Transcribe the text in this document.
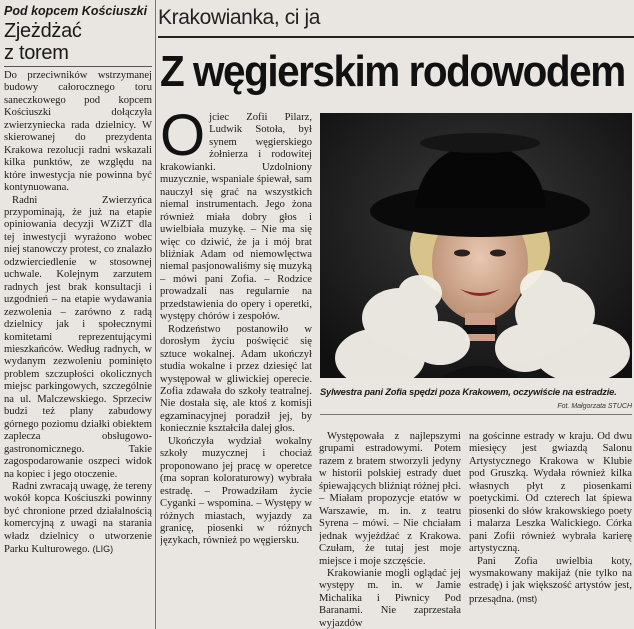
Pod kopcem Kościuszki
Zjeżdżać
z torem

Do przeciwników wstrzymanej budowy całorocznego toru saneczkowego pod kopcem Kościuszki dołączyła zwierzyniecka rada dzielnicy. W skierowanej do prezydenta Krakowa rezolucji radni wskazali kilka punktów, ze względu na które inwestycja nie powinna być kontynuowana.

Radni Zwierzyńca przypominają, że już na etapie opiniowania decyzji WZiZT dla tej inwestycji wyrażono wobec niej stanowczy protest, co znalazło odzwierciedlenie w stosownej uchwale. Kolejnym zarzutem radnych jest brak konsultacji i uzgodnień – na etapie wydawania zezwolenia – zarówno z radą dzielnicy jak i społecznymi komitetami reprezentującymi mieszkańców. Według radnych, w wydanym zezwoleniu pominięto problem szczupłości okolicznych miejsc parkingowych, szczególnie na ul. Malczewskiego. Sprzeciw budzi też plany zabudowy górnego poziomu działki obiektem zaplecza obsługowo-gastronomicznego. Takie zagospodarowanie oszpeci widok na kopiec i jego otoczenie.

Radni zwracają uwagę, że tereny wokół kopca Kościuszki powinny być chronione przed działalnością komercyjną z uwagi na starania władz dzielnicy o utworzenie Parku Kulturowego. (LIG)

Krakowianka, ci ja
Z węgierskim rodowodem

Ojciec Zofii Pilarz, Ludwik Sotoła, był synem węgierskiego żołnierza i rodowitej krakowianki. Uzdolniony muzycznie, wspaniale śpiewał, sam nauczył się grać na wszystkich niemal instrumentach. Jego żona również miała dobry głos i uwielbiała muzykę. – Nie ma się więc co dziwić, że ja i mój brat bliźniak Adam od niemowlęctwa niemal pasjonowaliśmy się muzyką – mówi pani Zofia. – Rodzice prowadzali nas regularnie na przedstawienia do opery i operetki, występy chórów i zespołów.

Rodzeństwo postanowiło w dorosłym życiu poświęcić się sztuce wokalnej. Adam ukończył studia wokalne i przez dziesięć lat występował w gliwickiej operecie. Zofia zdawała do szkoły teatralnej. Nie dostała się, ale ktoś z komisji egzaminacyjnej poradził jej, by koniecznie kształciła dalej głos.

Ukończyła wydział wokalny szkoły muzycznej i chociaż proponowano jej pracę w operetce (ma sopran koloraturowy) wybrała estradę. – Prowadziłam życie Cyganki – wspomina. – Występy w różnych miastach, wyjazdy za granicę, piosenki w różnych językach, również po węgiersku.

Sylwestra pani Zofia spędzi poza Krakowem, oczywiście na estradzie.

Fot. Małgorzata STUCH

Występowała z najlepszymi grupami estradowymi. Potem razem z bratem stworzyli jedyny w historii polskiej estrady duet śpiewających bliźniąt różnej płci. – Miałam propozycje etatów w Warszawie, m. in. z teatru Syrena – mówi. – Nie chciałam jednak wyjeżdżać z Krakowa. Czułam, że tutaj jest moje miejsce i moje szczęście.

Krakowianie mogli oglądać jej występy m. in. w Jamie Michalika i Piwnicy Pod Baranami. Nie zaprzestała wyjazdów

na gościnne estrady w kraju. Od dwu miesięcy jest gwiazdą Salonu Artystycznego Krakowa w Klubie pod Gruszką. Wydała również kilka własnych płyt z piosenkami poetyckimi. Od czterech lat śpiewa piosenki do słów krakowskiego poety i malarza Leszka Walickiego. Córka pani Zofii również wybrała karierę artystyczną.

Pani Zofia uwielbia koty, wysmakowany makijaż (nie tylko na estradę) i jak większość artystów jest, przesądna. (mst)
